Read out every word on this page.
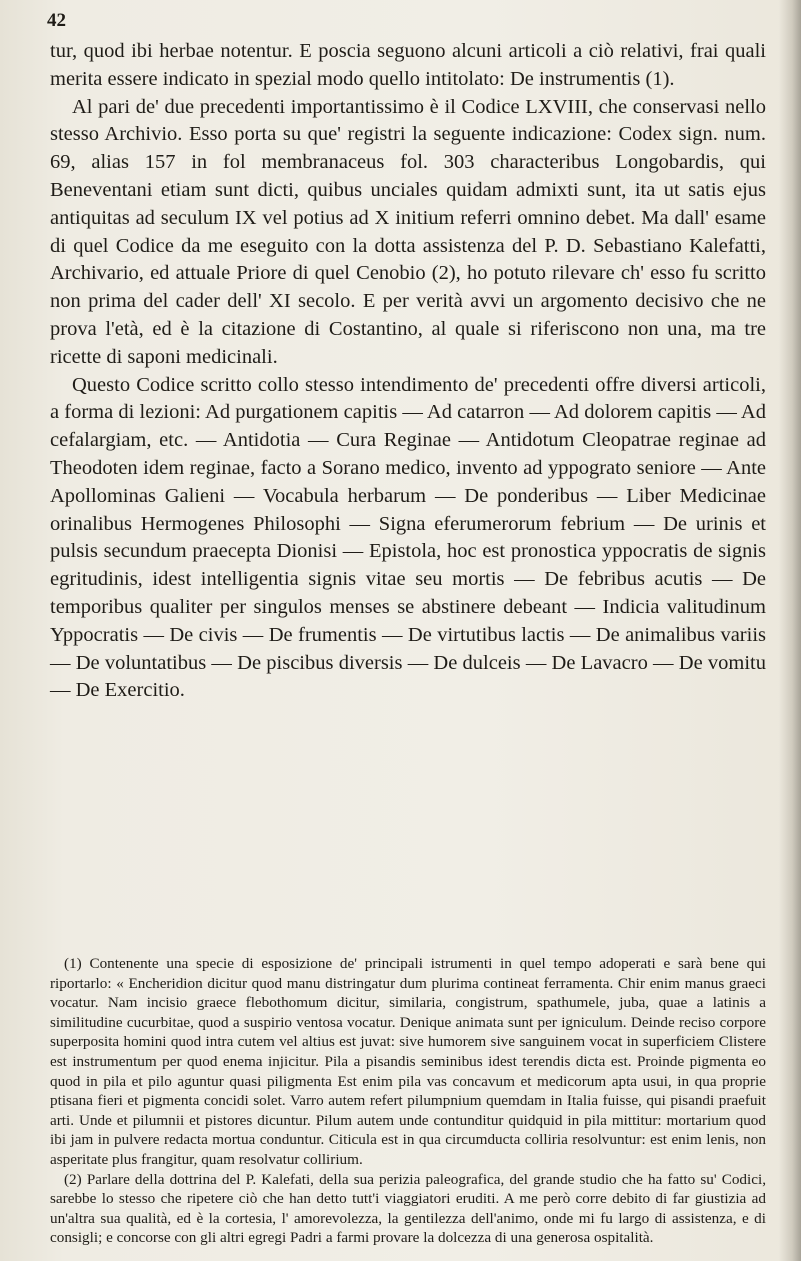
42

tur, quod ibi herbae notentur. E poscia seguono alcuni articoli a ciò relativi, frai quali merita essere indicato in spezial modo quello intitolato: De instrumentis (1).

Al pari de' due precedenti importantissimo è il Codice LXVIII, che conservasi nello stesso Archivio. Esso porta su que' registri la seguente indicazione: Codex sign. num. 69, alias 157 in fol membranaceus fol. 303 characteribus Longobardis, qui Beneventani etiam sunt dicti, quibus unciales quidam admixti sunt, ita ut satis ejus antiquitas ad seculum IX vel potius ad X initium referri omnino debet. Ma dall' esame di quel Codice da me eseguito con la dotta assistenza del P. D. Sebastiano Kalefatti, Archivario, ed attuale Priore di quel Cenobio (2), ho potuto rilevare ch' esso fu scritto non prima del cader dell' XI secolo. E per verità avvi un argomento decisivo che ne prova l'età, ed è la citazione di Costantino, al quale si riferiscono non una, ma tre ricette di saponi medicinali.

Questo Codice scritto collo stesso intendimento de' precedenti offre diversi articoli, a forma di lezioni: Ad purgationem capitis — Ad catarron — Ad dolorem capitis — Ad cefalargiam, etc. — Antidotia — Cura Reginae — Antidotum Cleopatrae reginae ad Theodoten idem reginae, facto a Sorano medico, invento ad yppograto seniore — Ante Apollominas Galieni — Vocabula herbarum — De ponderibus — Liber Medicinae orinalibus Hermogenes Philosophi — Signa eferumerorum febrium — De urinis et pulsis secundum praecepta Dionisi — Epistola, hoc est pronostica yppocratis de signis egritudinis, idest intelligentia signis vitae seu mortis — De febribus acutis — De temporibus qualiter per singulos menses se abstinere debeant — Indicia valitudinum Yppocratis — De civis — De frumentis — De virtutibus lactis — De animalibus variis — De voluntatibus — De piscibus diversis — De dulceis — De Lavacro — De vomitu — De Exercitio.

(1) Contenente una specie di esposizione de' principali istrumenti in quel tempo adoperati e sarà bene qui riportarlo: « Encheridion dicitur quod manu distringatur dum plurima contineat ferramenta. Chir enim manus graeci vocatur. Nam incisio graece flebothomum dicitur, similaria, congistrum, spathumele, juba, quae a latinis a similitudine cucurbitae, quod a suspirio ventosa vocatur. Denique animata sunt per igniculum. Deinde reciso corpore superposita homini quod intra cutem vel altius est juvat: sive humorem sive sanguinem vocat in superficiem Clistere est instrumentum per quod enema injicitur. Pila a pisandis seminibus idest terendis dicta est. Proinde pigmenta eo quod in pila et pilo aguntur quasi piligmenta Est enim pila vas concavum et medicorum apta usui, in qua proprie ptisana fieri et pigmenta concidi solet. Varro autem refert pilumpnium quemdam in Italia fuisse, qui pisandi praefuit arti. Unde et pilumnii et pistores dicuntur. Pilum autem unde contunditur quidquid in pila mittitur: mortarium quod ibi jam in pulvere redacta mortua conduntur. Citicula est in qua circumducta colliria resolvuntur: est enim lenis, non asperitate plus frangitur, quam resolvatur collirium.

(2) Parlare della dottrina del P. Kalefati, della sua perizia paleografica, del grande studio che ha fatto su' Codici, sarebbe lo stesso che ripetere ciò che han detto tutt'i viaggiatori eruditi. A me però corre debito di far giustizia ad un'altra sua qualità, ed è la cortesia, l' amorevolezza, la gentilezza dell'animo, onde mi fu largo di assistenza, e di consigli; e concorse con gli altri egregi Padri a farmi provare la dolcezza di una generosa ospitalità.
